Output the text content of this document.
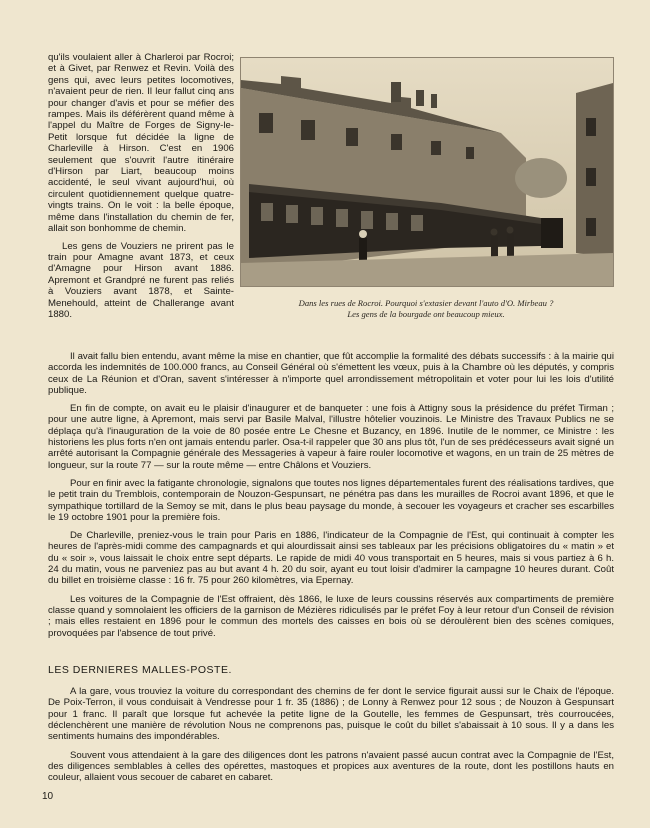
qu'ils voulaient aller à Charleroi par Rocroi; et à Givet, par Renwez et Revin. Voilà des gens qui, avec leurs petites locomotives, n'avaient peur de rien. Il leur fallut cinq ans pour changer d'avis et pour se méfier des rampes. Mais ils déférèrent quand même à l'appel du Maître de Forges de Signy-le-Petit lorsque fut décidée la ligne de Charleville à Hirson. C'est en 1906 seulement que s'ouvrit l'autre itinéraire d'Hirson par Liart, beaucoup moins accidenté, le seul vivant aujourd'hui, où circulent quotidiennement quelque quatre-vingts trains. On le voit : la belle époque, même dans l'installation du chemin de fer, allait son bonhomme de chemin.

Les gens de Vouziers ne prirent pas le train pour Amagne avant 1873, et ceux d'Amagne pour Hirson avant 1886. Apremont et Grandpré ne furent pas reliés à Vouziers avant 1878, et Sainte-Menehould, atteint de Challerange avant 1880.

Dans les rues de Rocroi. Pourquoi s'extasier devant l'auto d'O. Mirbeau ?
Les gens de la bourgade ont beaucoup mieux.

Il avait fallu bien entendu, avant même la mise en chantier, que fût accomplie la formalité des débats successifs : à la mairie qui accorda les indemnités de 100.000 francs, au Conseil Général où s'émettent les vœux, puis à la Chambre où les députés, y compris ceux de La Réunion et d'Oran, savent s'intéresser à n'importe quel arrondissement métropolitain et voter pour lui les lois d'utilité publique.

En fin de compte, on avait eu le plaisir d'inaugurer et de banqueter : une fois à Attigny sous la présidence du préfet Tirman ; pour une autre ligne, à Apremont, mais servi par Basile Malval, l'illustre hôtelier vouzinois. Le Ministre des Travaux Publics ne se déplaça qu'à l'inauguration de la voie de 80 posée entre Le Chesne et Buzancy, en 1896. Inutile de le nommer, ce Ministre : les historiens les plus forts n'en ont jamais entendu parler. Osa-t-il rappeler que 30 ans plus tôt, l'un de ses prédécesseurs avait signé un arrêté autorisant la Compagnie générale des Messageries à vapeur à faire rouler locomotive et wagons, en un train de 25 mètres de longueur, sur la route 77 — sur la route même — entre Châlons et Vouziers.

Pour en finir avec la fatigante chronologie, signalons que toutes nos lignes départementales furent des réalisations tardives, que le petit train du Tremblois, contemporain de Nouzon-Gespunsart, ne pénétra pas dans les murailles de Rocroi avant 1896, et que le sympathique tortillard de la Semoy se mit, dans le plus beau paysage du monde, à secouer les voyageurs et cracher ses escarbilles le 19 octobre 1901 pour la première fois.

De Charleville, preniez-vous le train pour Paris en 1886, l'indicateur de la Compagnie de l'Est, qui continuait à compter les heures de l'après-midi comme des campagnards et qui alourdissait ainsi ses tableaux par les précisions obligatoires du « matin » et du « soir », vous laissait le choix entre sept départs. Le rapide de midi 40 vous transportait en 5 heures, mais si vous partiez à 6 h. 24 du matin, vous ne parveniez pas au but avant 4 h. 20 du soir, ayant eu tout loisir d'admirer la campagne 10 heures durant. Coût du billet en troisième classe : 16 fr. 75 pour 260 kilomètres, via Epernay.

Les voitures de la Compagnie de l'Est offraient, dès 1866, le luxe de leurs coussins réservés aux compartiments de première classe quand y somnolaient les officiers de la garnison de Mézières ridiculisés par le préfet Foy à leur retour d'un Conseil de révision ; mais elles restaient en 1896 pour le commun des mortels des caisses en bois où se déroulèrent bien des scènes comiques, provoquées par l'absence de tout privé.

LES DERNIERES MALLES-POSTE.

A la gare, vous trouviez la voiture du correspondant des chemins de fer dont le service figurait aussi sur le Chaix de l'époque. De Poix-Terron, il vous conduisait à Vendresse pour 1 fr. 35 (1886) ; de Lonny à Renwez pour 12 sous ; de Nouzon à Gespunsart pour 1 franc. Il paraît que lorsque fut achevée la petite ligne de la Goutelle, les femmes de Gespunsart, très courroucées, déclenchèrent une manière de révolution Nous ne comprenons pas, puisque le coût du billet s'abaissait à 10 sous. Il y a dans les sentiments humains des impondérables.

Souvent vous attendaient à la gare des diligences dont les patrons n'avaient passé aucun contrat avec la Compagnie de l'Est, des diligences semblables à celles des opérettes, mastoques et propices aux aventures de la route, dont les postillons hauts en couleur, allaient vous secouer de cabaret en cabaret.

10
